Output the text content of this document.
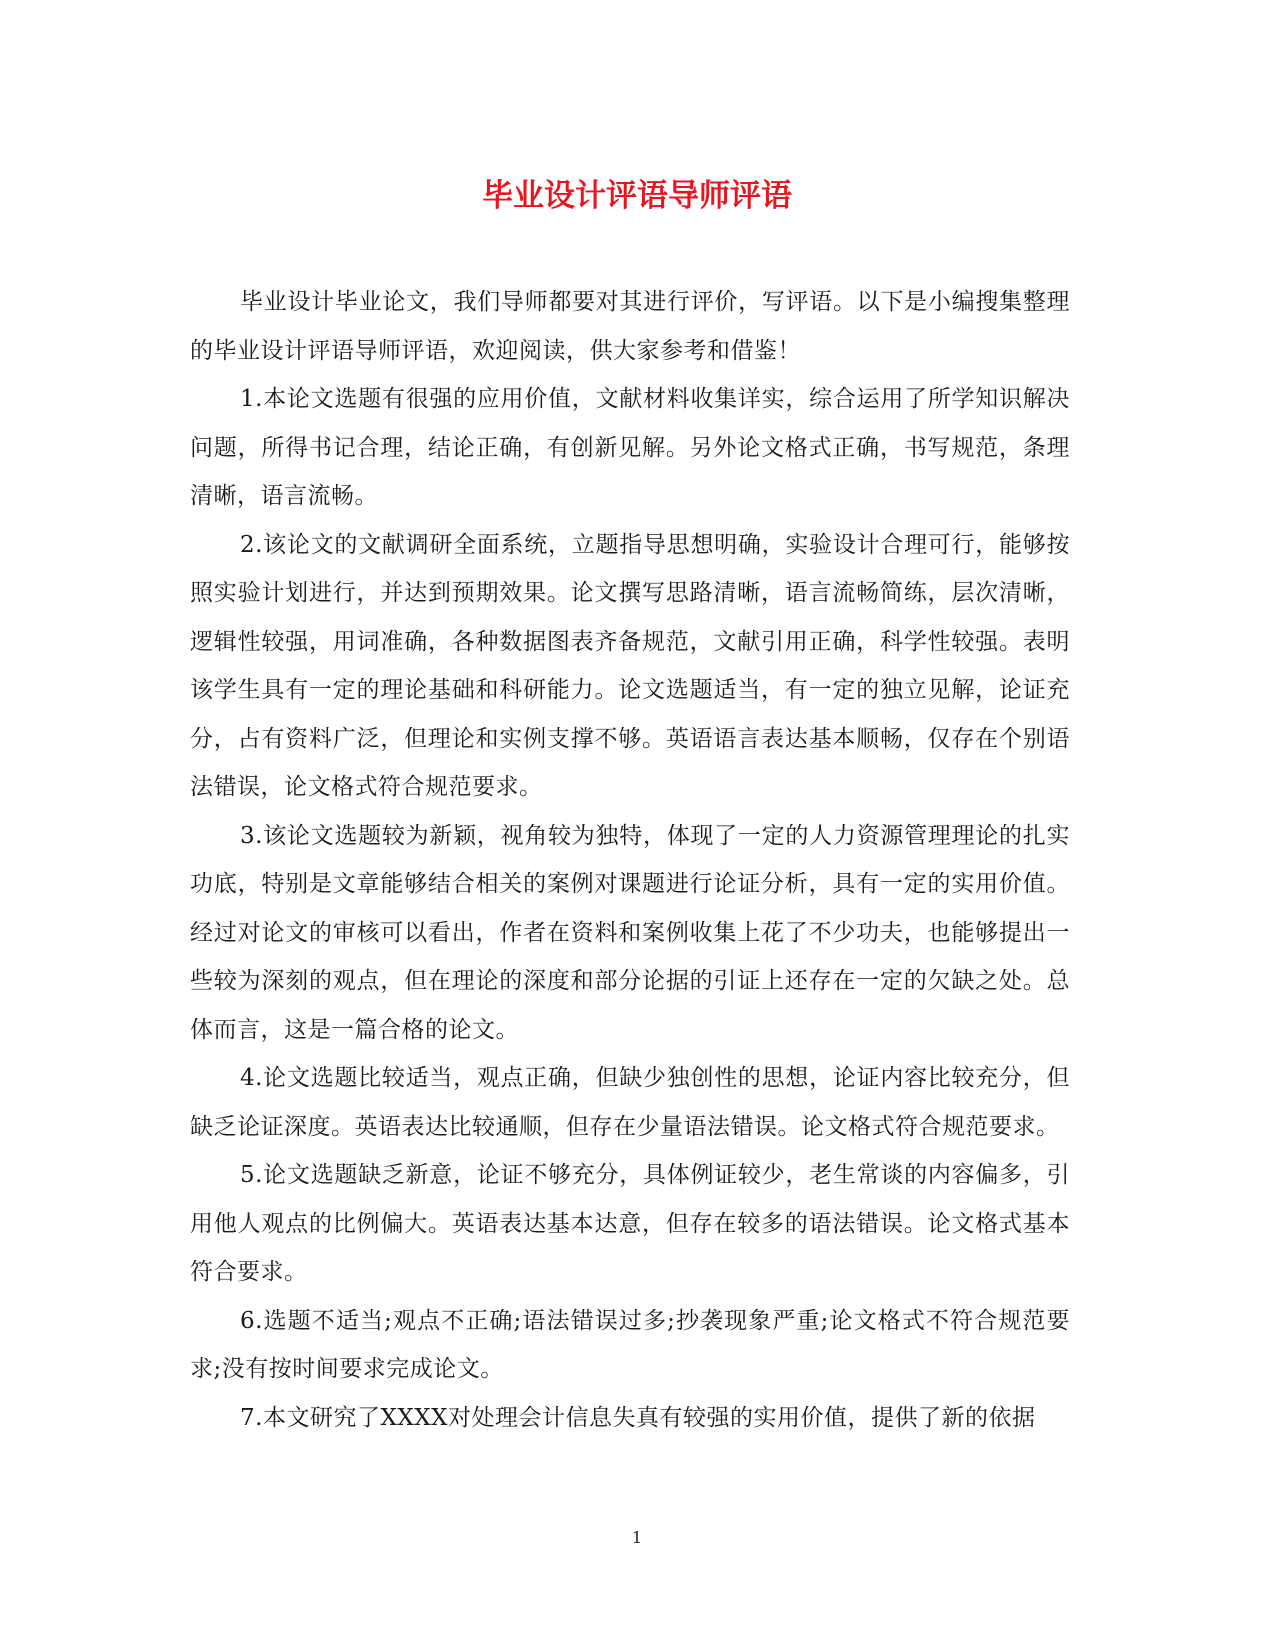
毕业设计评语导师评语

毕业设计毕业论文，我们导师都要对其进行评价，写评语。以下是小编搜集整理的毕业设计评语导师评语，欢迎阅读，供大家参考和借鉴！

1.本论文选题有很强的应用价值，文献材料收集详实，综合运用了所学知识解决问题，所得书记合理，结论正确，有创新见解。另外论文格式正确，书写规范，条理清晰，语言流畅。

2.该论文的文献调研全面系统，立题指导思想明确，实验设计合理可行，能够按照实验计划进行，并达到预期效果。论文撰写思路清晰，语言流畅简练，层次清晰，逻辑性较强，用词准确，各种数据图表齐备规范，文献引用正确，科学性较强。表明该学生具有一定的理论基础和科研能力。论文选题适当，有一定的独立见解，论证充分，占有资料广泛，但理论和实例支撑不够。英语语言表达基本顺畅，仅存在个别语法错误，论文格式符合规范要求。

3.该论文选题较为新颖，视角较为独特，体现了一定的人力资源管理理论的扎实功底，特别是文章能够结合相关的案例对课题进行论证分析，具有一定的实用价值。经过对论文的审核可以看出，作者在资料和案例收集上花了不少功夫，也能够提出一些较为深刻的观点，但在理论的深度和部分论据的引证上还存在一定的欠缺之处。总体而言，这是一篇合格的论文。

4.论文选题比较适当，观点正确，但缺少独创性的思想，论证内容比较充分，但缺乏论证深度。英语表达比较通顺，但存在少量语法错误。论文格式符合规范要求。

5.论文选题缺乏新意，论证不够充分，具体例证较少，老生常谈的内容偏多，引用他人观点的比例偏大。英语表达基本达意，但存在较多的语法错误。论文格式基本符合要求。

6.选题不适当;观点不正确;语法错误过多;抄袭现象严重;论文格式不符合规范要求;没有按时间要求完成论文。

7.本文研究了XXXX对处理会计信息失真有较强的实用价值，提供了新的依据

1
